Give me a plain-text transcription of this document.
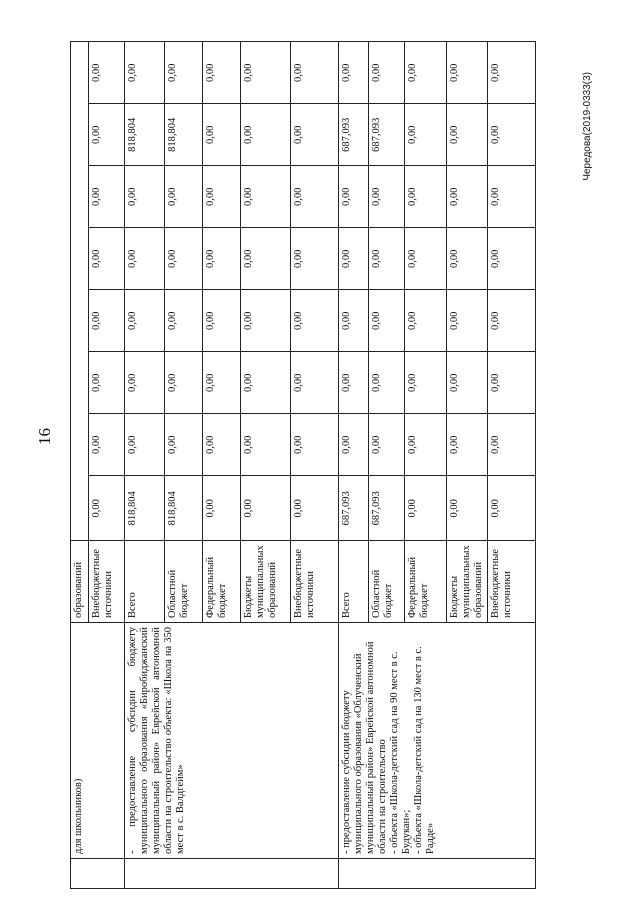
16
	для школьников)	образований								
		Внебюджетные источники	0,00	0,00	0,00	0,00	0,00	0,00	0,00	0,00
	- предоставление субсидии бюджету муниципального образования «Биробиджанский муниципальный район» Еврейской автономной области на строительство объекта: «Школа на 350 мест в с. Валдгейм»	Всего	818,804	0,00	0,00	0,00	0,00	0,00	818,804	0,00
		Областной бюджет	818,804	0,00	0,00	0,00	0,00	0,00	818,804	0,00
		Федеральный бюджет	0,00	0,00	0,00	0,00	0,00	0,00	0,00	0,00
		Бюджеты муниципальных образований	0,00	0,00	0,00	0,00	0,00	0,00	0,00	0,00
		Внебюджетные источники	0,00	0,00	0,00	0,00	0,00	0,00	0,00	0,00
	- предоставление субсидии бюджету муниципального образования «Облученский муниципальный район» Еврейской автономной области на строительство
- объекта «Школа-детский сад на 90 мест в с. Будукан»;
- объекта «Школа-детский сад на 130 мест в с. Радде»	Всего	687,093	0,00	0,00	0,00	0,00	0,00	687,093	0,00
		Областной бюджет	687,093	0,00	0,00	0,00	0,00	0,00	687,093	0,00
		Федеральный бюджет	0,00	0,00	0,00	0,00	0,00	0,00	0,00	0,00
		Бюджеты муниципальных образований	0,00	0,00	0,00	0,00	0,00	0,00	0,00	0,00
		Внебюджетные источники	0,00	0,00	0,00	0,00	0,00	0,00	0,00	0,00	Чередова(2019-0333(3)
